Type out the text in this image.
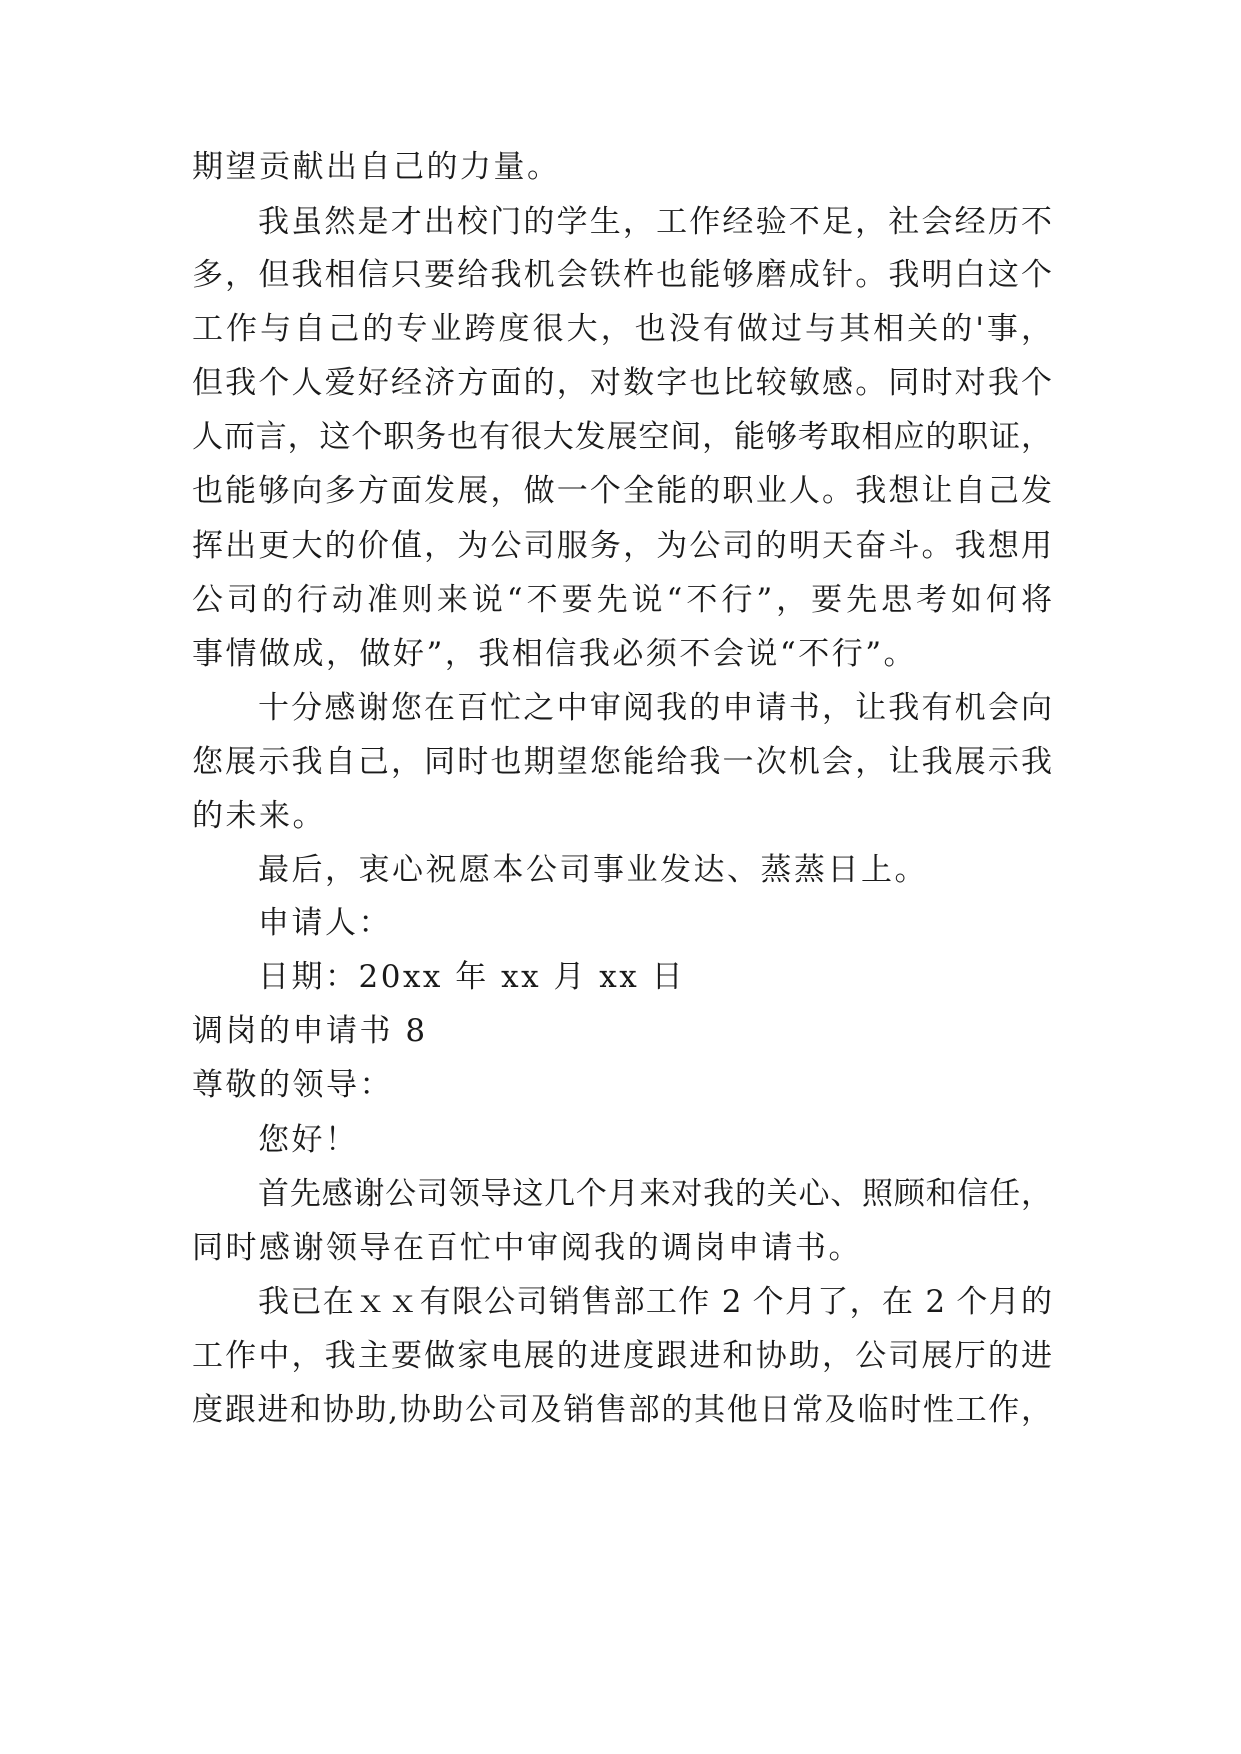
期望贡献出自己的力量。
我虽然是才出校门的学生，工作经验不足，社会经历不
多，但我相信只要给我机会铁杵也能够磨成针。我明白这个
工作与自己的专业跨度很大，也没有做过与其相关的'事，
但我个人爱好经济方面的，对数字也比较敏感。同时对我个
人而言，这个职务也有很大发展空间，能够考取相应的职证，
也能够向多方面发展，做一个全能的职业人。我想让自己发
挥出更大的价值，为公司服务，为公司的明天奋斗。我想用
公司的行动准则来说“不要先说“不行”，要先思考如何将
事情做成，做好”，我相信我必须不会说“不行”。
十分感谢您在百忙之中审阅我的申请书，让我有机会向
您展示我自己，同时也期望您能给我一次机会，让我展示我
的未来。
最后，衷心祝愿本公司事业发达、蒸蒸日上。
申请人：
日期：20xx 年 xx 月 xx 日
调岗的申请书 8
尊敬的领导：
您好！
首先感谢公司领导这几个月来对我的关心、照顾和信任，
同时感谢领导在百忙中审阅我的调岗申请书。
我已在ｘｘ有限公司销售部工作 2 个月了，在 2 个月的
工作中，我主要做家电展的进度跟进和协助，公司展厅的进
度跟进和协助,协助公司及销售部的其他日常及临时性工作，
